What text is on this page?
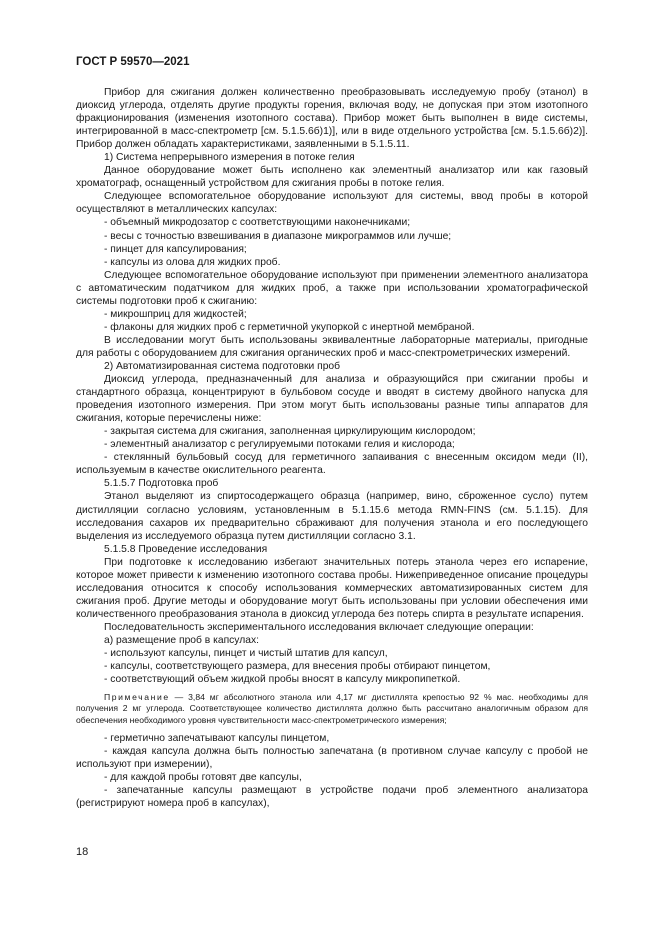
ГОСТ Р 59570—2021

Прибор для сжигания должен количественно преобразовывать исследуемую пробу (этанол) в диоксид углерода, отделять другие продукты горения, включая воду, не допуская при этом изотопного фракционирования (изменения изотопного состава). Прибор может быть выполнен в виде системы, интегрированной в масс-спектрометр [см. 5.1.5.6б)1)], или в виде отдельного устройства [см. 5.1.5.6б)2)]. Прибор должен обладать характеристиками, заявленными в 5.1.5.11.

1) Система непрерывного измерения в потоке гелия

Данное оборудование может быть исполнено как элементный анализатор или как газовый хроматограф, оснащенный устройством для сжигания пробы в потоке гелия.

Следующее вспомогательное оборудование используют для системы, ввод пробы в которой осуществляют в металлических капсулах:

- объемный микродозатор с соответствующими наконечниками;

- весы с точностью взвешивания в диапазоне микрограммов или лучше;

- пинцет для капсулирования;

- капсулы из олова для жидких проб.

Следующее вспомогательное оборудование используют при применении элементного анализатора с автоматическим податчиком для жидких проб, а также при использовании хроматографической системы подготовки проб к сжиганию:

- микрошприц для жидкостей;

- флаконы для жидких проб с герметичной укупоркой с инертной мембраной.

В исследовании могут быть использованы эквивалентные лабораторные материалы, пригодные для работы с оборудованием для сжигания органических проб и масс-спектрометрических измерений.

2) Автоматизированная система подготовки проб

Диоксид углерода, предназначенный для анализа и образующийся при сжигании пробы и стандартного образца, концентрируют в бульбовом сосуде и вводят в систему двойного напуска для проведения изотопного измерения. При этом могут быть использованы разные типы аппаратов для сжигания, которые перечислены ниже:

- закрытая система для сжигания, заполненная циркулирующим кислородом;

- элементный анализатор с регулируемыми потоками гелия и кислорода;

- стеклянный бульбовый сосуд для герметичного запаивания с внесенным оксидом меди (II), используемым в качестве окислительного реагента.

5.1.5.7 Подготовка проб

Этанол выделяют из спиртосодержащего образца (например, вино, сброженное сусло) путем дистилляции согласно условиям, установленным в 5.1.15.6 метода RMN-FINS (см. 5.1.15). Для исследования сахаров их предварительно сбраживают для получения этанола и его последующего выделения из исследуемого образца путем дистилляции согласно 3.1.

5.1.5.8 Проведение исследования

При подготовке к исследованию избегают значительных потерь этанола через его испарение, которое может привести к изменению изотопного состава пробы. Нижеприведенное описание процедуры исследования относится к способу использования коммерческих автоматизированных систем для сжигания проб. Другие методы и оборудование могут быть использованы при условии обеспечения ими количественного преобразования этанола в диоксид углерода без потерь спирта в результате испарения.

Последовательность экспериментального исследования включает следующие операции:

а) размещение проб в капсулах:

- используют капсулы, пинцет и чистый штатив для капсул,

- капсулы, соответствующего размера, для внесения пробы отбирают пинцетом,

- соответствующий объем жидкой пробы вносят в капсулу микропипеткой.

Примечание — 3,84 мг абсолютного этанола или 4,17 мг дистиллята крепостью 92 % мас. необходимы для получения 2 мг углерода. Соответствующее количество дистиллята должно быть рассчитано аналогичным образом для обеспечения необходимого уровня чувствительности масс-спектрометрического измерения;

- герметично запечатывают капсулы пинцетом,

- каждая капсула должна быть полностью запечатана (в противном случае капсулу с пробой не используют при измерении),

- для каждой пробы готовят две капсулы,

- запечатанные капсулы размещают в устройстве подачи проб элементного анализатора (регистрируют номера проб в капсулах),

18
